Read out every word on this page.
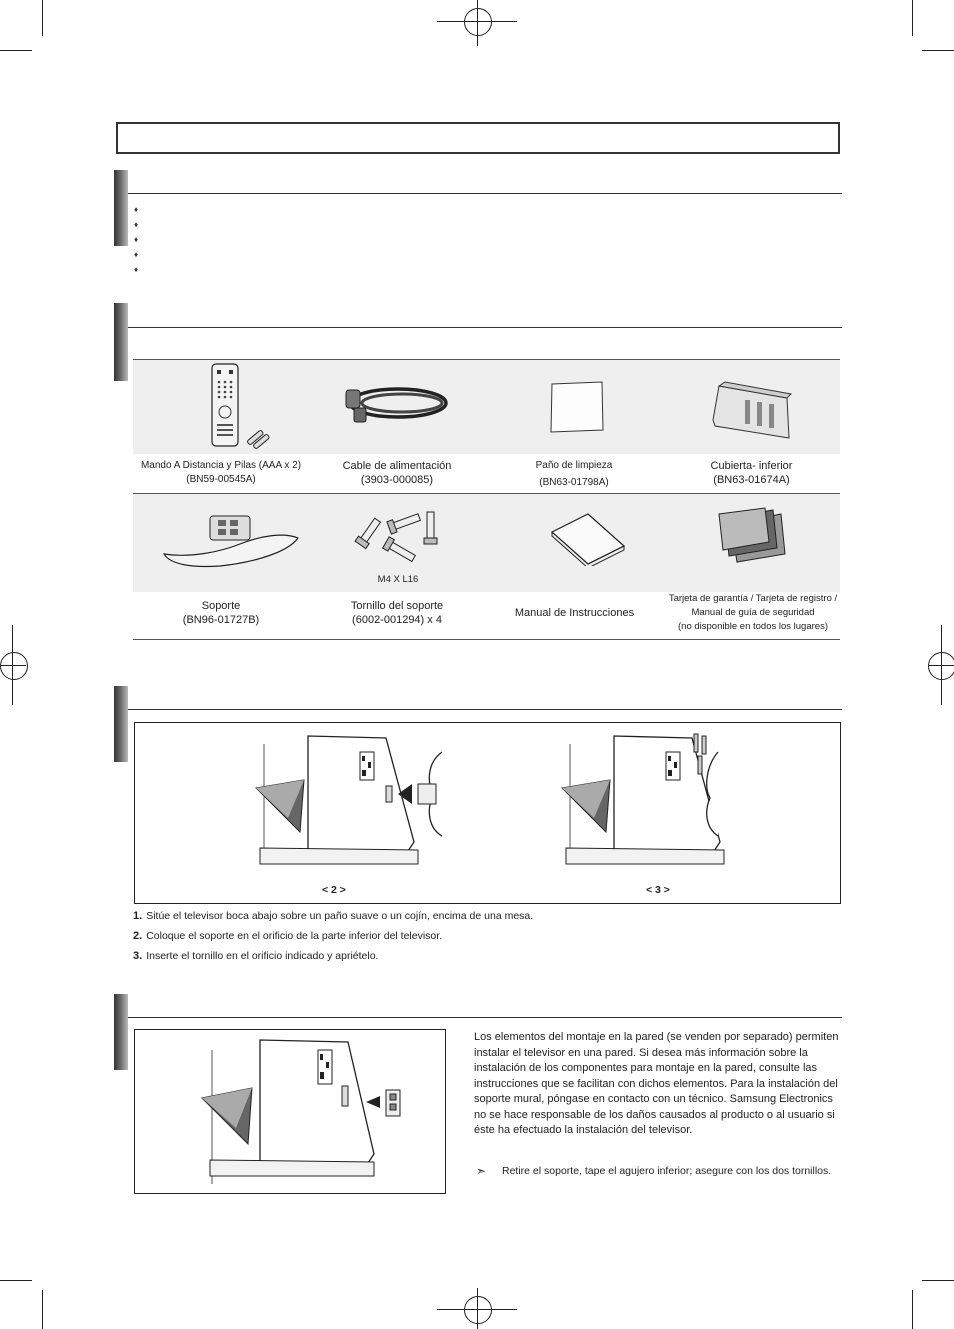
♦
♦
♦
♦
♦
Mando A Distancia y Pilas (AAA x 2)
(BN59-00545A)
Cable de alimentación
(3903-000085)
Paño de limpieza
(BN63-01798A)
Cubierta- inferior
(BN63-01674A)
M4 X L16
Soporte
(BN96-01727B)
Tornillo del soporte
(6002-001294) x 4
Manual de Instrucciones
Tarjeta de garantía / Tarjeta de registro /
Manual de guía de seguridad
(no disponible en todos los lugares)
< 2 >	< 3 >
1. Sitúe el televisor boca abajo sobre un paño suave o un cojín, encima de una mesa.
2. Coloque el soporte en el orificio de la parte inferior del televisor.
3. Inserte el tornillo en el orificio indicado y apriételo.
Los elementos del montaje en la pared (se venden por separado) permiten instalar el televisor en una pared. Si desea más información sobre la instalación de los componentes para montaje en la pared, consulte las instrucciones que se facilitan con dichos elementos. Para la instalación del soporte mural, póngase en contacto con un técnico. Samsung Electronics no se hace responsable de los daños causados al producto o al usuario si éste ha efectuado la instalación del televisor.
➣ Retire el soporte, tape el agujero inferior; asegure con los dos tornillos.
